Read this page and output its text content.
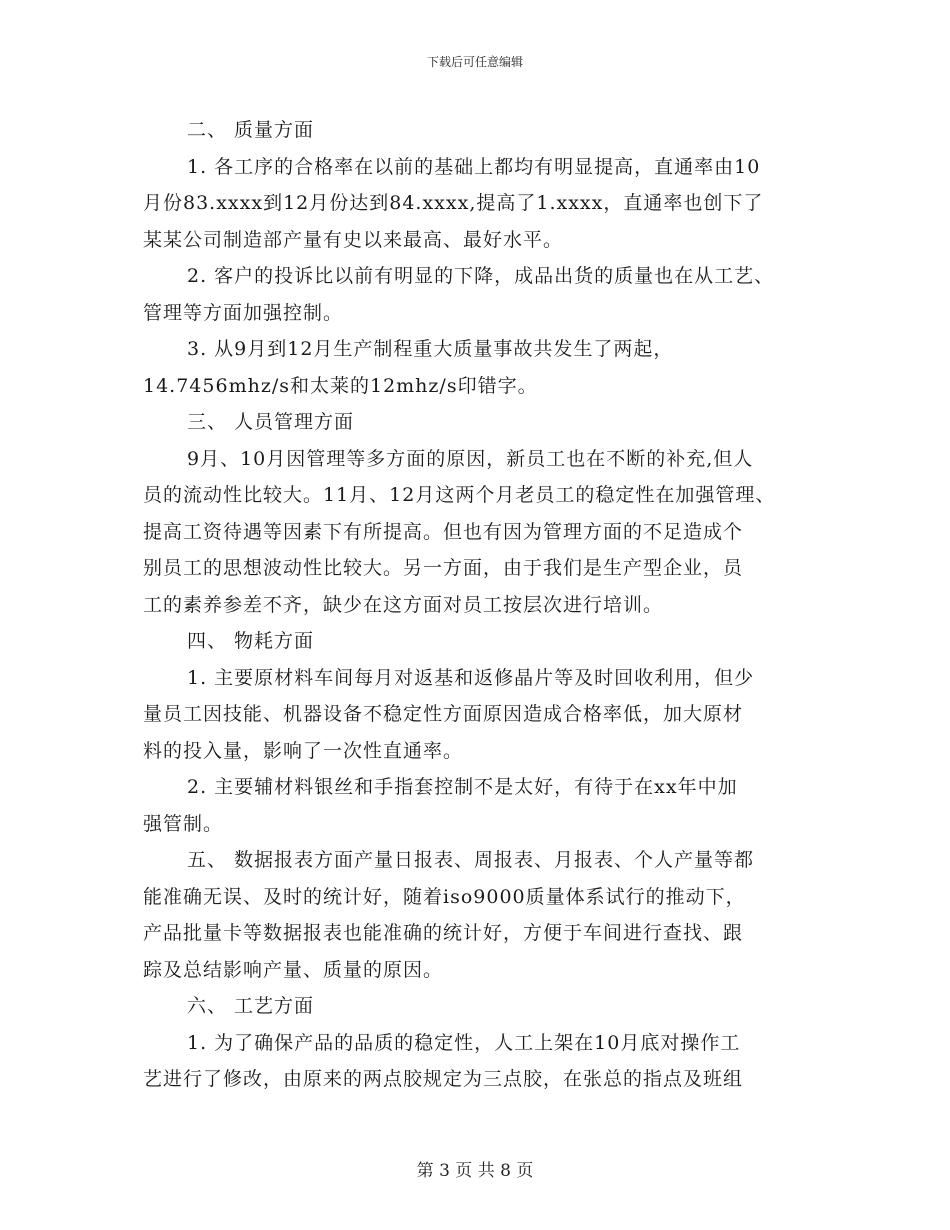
下载后可任意编辑
二、 质量方面
1. 各工序的合格率在以前的基础上都均有明显提高，直通率由10
月份83.xxxx到12月份达到84.xxxx,提高了1.xxxx，直通率也创下了
某某公司制造部产量有史以来最高、最好水平。
2. 客户的投诉比以前有明显的下降，成品出货的质量也在从工艺、
管理等方面加强控制。
3. 从9月到12月生产制程重大质量事故共发生了两起，
14.7456mhz/s和太莱的12mhz/s印错字。
三、 人员管理方面
9月、10月因管理等多方面的原因，新员工也在不断的补充,但人
员的流动性比较大。11月、12月这两个月老员工的稳定性在加强管理、
提高工资待遇等因素下有所提高。但也有因为管理方面的不足造成个
别员工的思想波动性比较大。另一方面，由于我们是生产型企业，员
工的素养参差不齐，缺少在这方面对员工按层次进行培训。
四、 物耗方面
1. 主要原材料车间每月对返基和返修晶片等及时回收利用，但少
量员工因技能、机器设备不稳定性方面原因造成合格率低，加大原材
料的投入量，影响了一次性直通率。
2. 主要辅材料银丝和手指套控制不是太好，有待于在xx年中加
强管制。
五、 数据报表方面产量日报表、周报表、月报表、个人产量等都
能准确无误、及时的统计好，随着iso9000质量体系试行的推动下，
产品批量卡等数据报表也能准确的统计好，方便于车间进行查找、跟
踪及总结影响产量、质量的原因。
六、 工艺方面
1. 为了确保产品的品质的稳定性，人工上架在10月底对操作工
艺进行了修改，由原来的两点胶规定为三点胶，在张总的指点及班组
第 3 页 共 8 页
